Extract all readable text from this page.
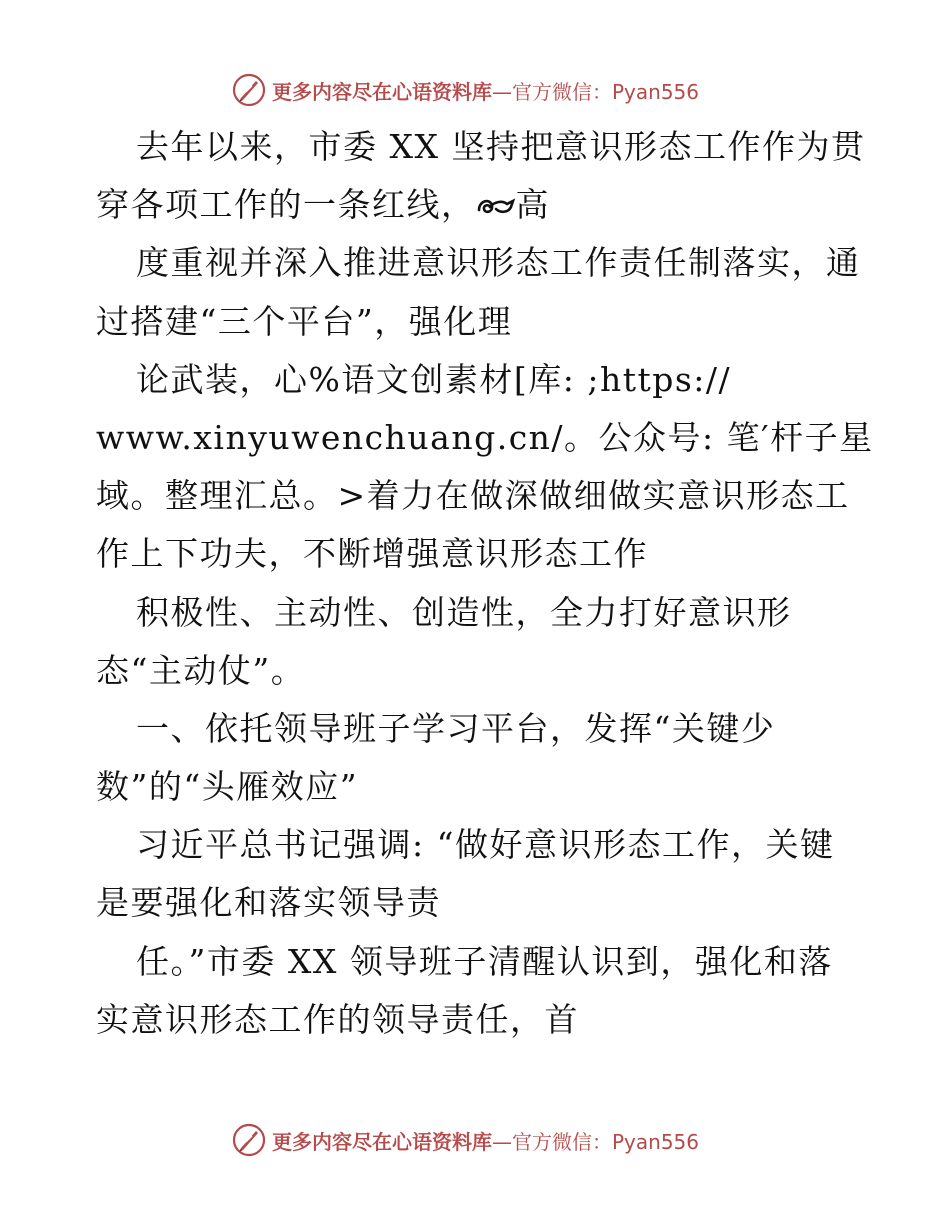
更多内容尽在心语资料库—官方微信：Pyan556
去年以来，市委 XX 坚持把意识形态工作作为贯
穿各项工作的一条红线， 高
度重视并深入推进意识形态工作责任制落实，通
过搭建“三个平台”，强化理
论武装，心%语文创素材[库: ;https://
www.xinyuwenchuang.cn/。公众号: 笔′杆子星
域。整理汇总。>着力在做深做细做实意识形态工
作上下功夫，不断增强意识形态工作
积极性、主动性、创造性，全力打好意识形
态“主动仗”。
一、依托领导班子学习平台，发挥“关键少
数”的“头雁效应”
习近平总书记强调: “做好意识形态工作，关键
是要强化和落实领导责
任。”市委 XX 领导班子清醒认识到，强化和落
实意识形态工作的领导责任，首
更多内容尽在心语资料库—官方微信：Pyan556
